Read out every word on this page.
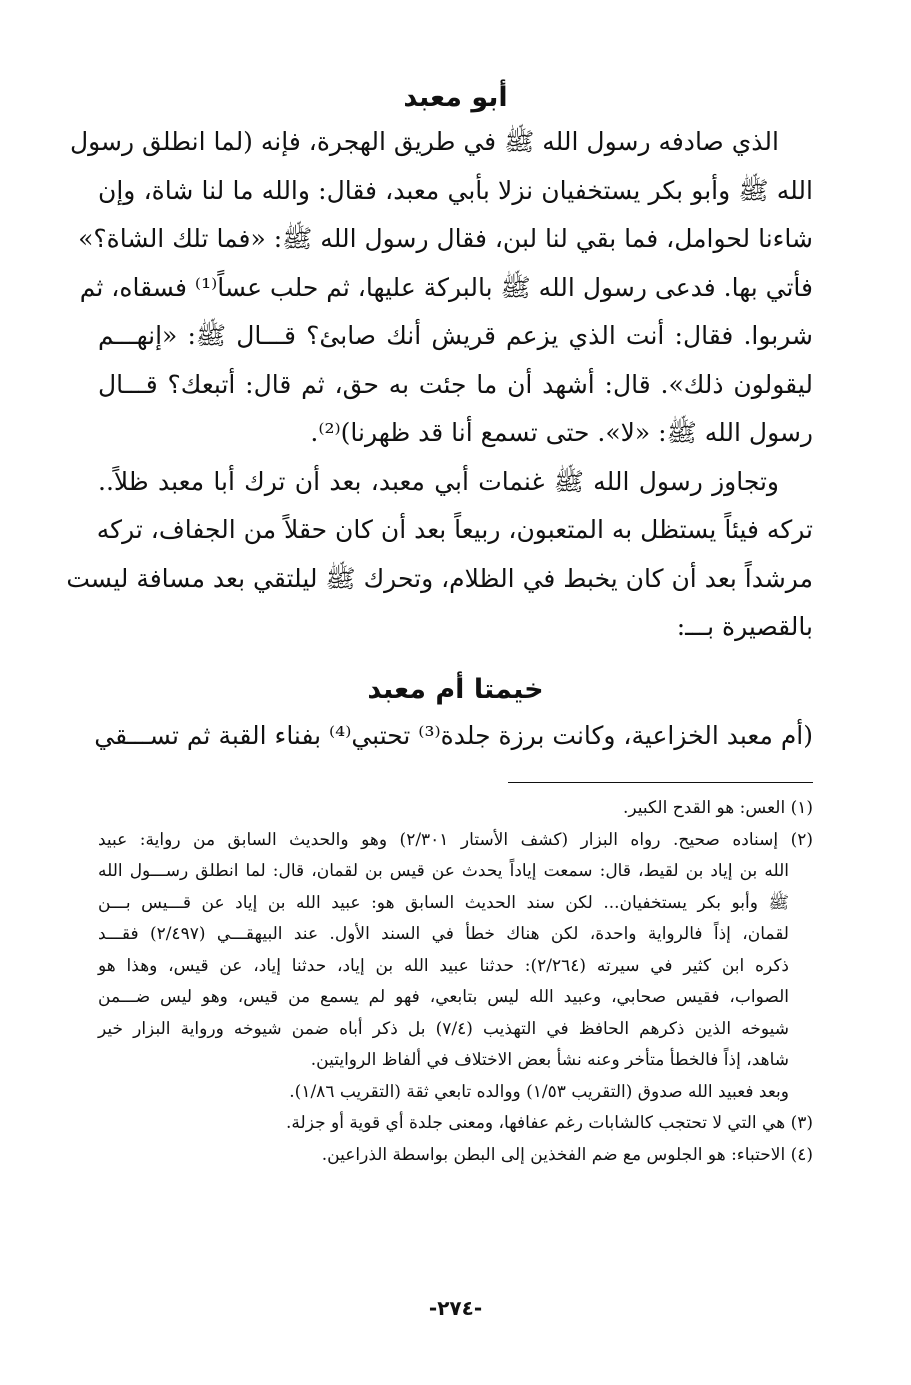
أبو معبد

الذي صادفه رسول الله ﷺ في طريق الهجرة، فإنه (لما انطلق رسول
الله ﷺ وأبو بكر يستخفيان نزلا بأبي معبد، فقال: والله ما لنا شاة، وإن
شاءنا لحوامل، فما بقي لنا لبن، فقال رسول الله ﷺ: «فما تلك الشاة؟»
فأتي بها. فدعى رسول الله ﷺ بالبركة عليها، ثم حلب عساً⁽¹⁾ فسقاه، ثم
شربوا. فقال: أنت الذي يزعم قريش أنك صابئ؟ قـــال ﷺ: «إنهـــم
ليقولون ذلك». قال: أشهد أن ما جئت به حق، ثم قال: أتبعك؟ قـــال
رسول الله ﷺ: «لا». حتى تسمع أنا قد ظهرنا)⁽²⁾.

وتجاوز رسول الله ﷺ غنمات أبي معبد، بعد أن ترك أبا معبد ظلاً..
تركه فيئاً يستظل به المتعبون، ربيعاً بعد أن كان حقلاً من الجفاف، تركه
مرشداً بعد أن كان يخبط في الظلام، وتحرك ﷺ ليلتقي بعد مسافة ليست
بالقصيرة بـــ:

خيمتا أم معبد

(أم معبد الخزاعية، وكانت برزة جلدة⁽³⁾ تحتبي⁽⁴⁾ بفناء القبة ثم تســـقي

(١) العس: هو القدح الكبير.
(٢) إسناده صحيح. رواه البزار (كشف الأستار ٢/٣٠١) وهو والحديث السابق من رواية: عبيد
الله بن إياد بن لقيط، قال: سمعت إياداً يحدث عن قيس بن لقمان، قال: لما انطلق رســـول الله
ﷺ وأبو بكر يستخفيان... لكن سند الحديث السابق هو: عبيد الله بن إياد عن قـــيس بـــن
لقمان، إذاً فالرواية واحدة، لكن هناك خطأ في السند الأول. عند البيهقـــي (٢/٤٩٧) فقـــد
ذكره ابن كثير في سيرته (٢/٢٦٤): حدثنا عبيد الله بن إياد، حدثنا إياد، عن قيس، وهذا هو
الصواب، فقيس صحابي، وعبيد الله ليس بتابعي، فهو لم يسمع من قيس، وهو ليس ضـــمن
شيوخه الذين ذكرهم الحافظ في التهذيب (٧/٤) بل ذكر أباه ضمن شيوخه ورواية البزار خير
شاهد، إذاً فالخطأ متأخر وعنه نشأ بعض الاختلاف في ألفاظ الروايتين.
وبعد فعبيد الله صدوق (التقريب ١/٥٣) ووالده تابعي ثقة (التقريب ١/٨٦).
(٣) هي التي لا تحتجب كالشابات رغم عفافها، ومعنى جلدة أي قوية أو جزلة.
(٤) الاحتباء: هو الجلوس مع ضم الفخذين إلى البطن بواسطة الذراعين.
-٢٧٤-
